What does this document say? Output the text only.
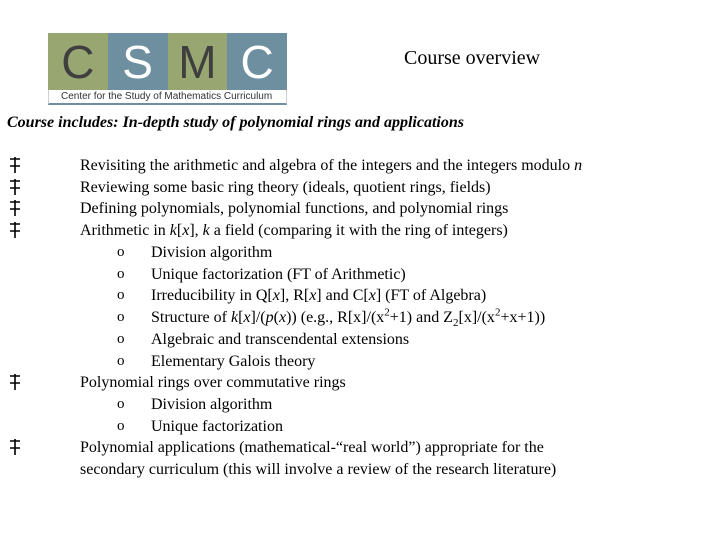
C S M C
Center for the Study of Mathematics Curriculum
Course overview
Course includes: In-depth study of polynomial rings and applications
Revisiting the arithmetic and algebra of the integers and the integers modulo n
Reviewing some basic ring theory (ideals, quotient rings, fields)
Defining polynomials, polynomial functions, and polynomial rings
Arithmetic in k[x], k a field (comparing it with the ring of integers)
o Division algorithm
o Unique factorization (FT of Arithmetic)
o Irreducibility in Q[x], R[x] and C[x] (FT of Algebra)
o Structure of k[x]/(p(x)) (e.g., $R[x]/(x^2+1)$ and $Z_2[x]/(x^2+x+1)$)
o Algebraic and transcendental extensions
o Elementary Galois theory
Polynomial rings over commutative rings
o Division algorithm
o Unique factorization
Polynomial applications (mathematical-“real world”) appropriate for the
secondary curriculum (this will involve a review of the research literature)
